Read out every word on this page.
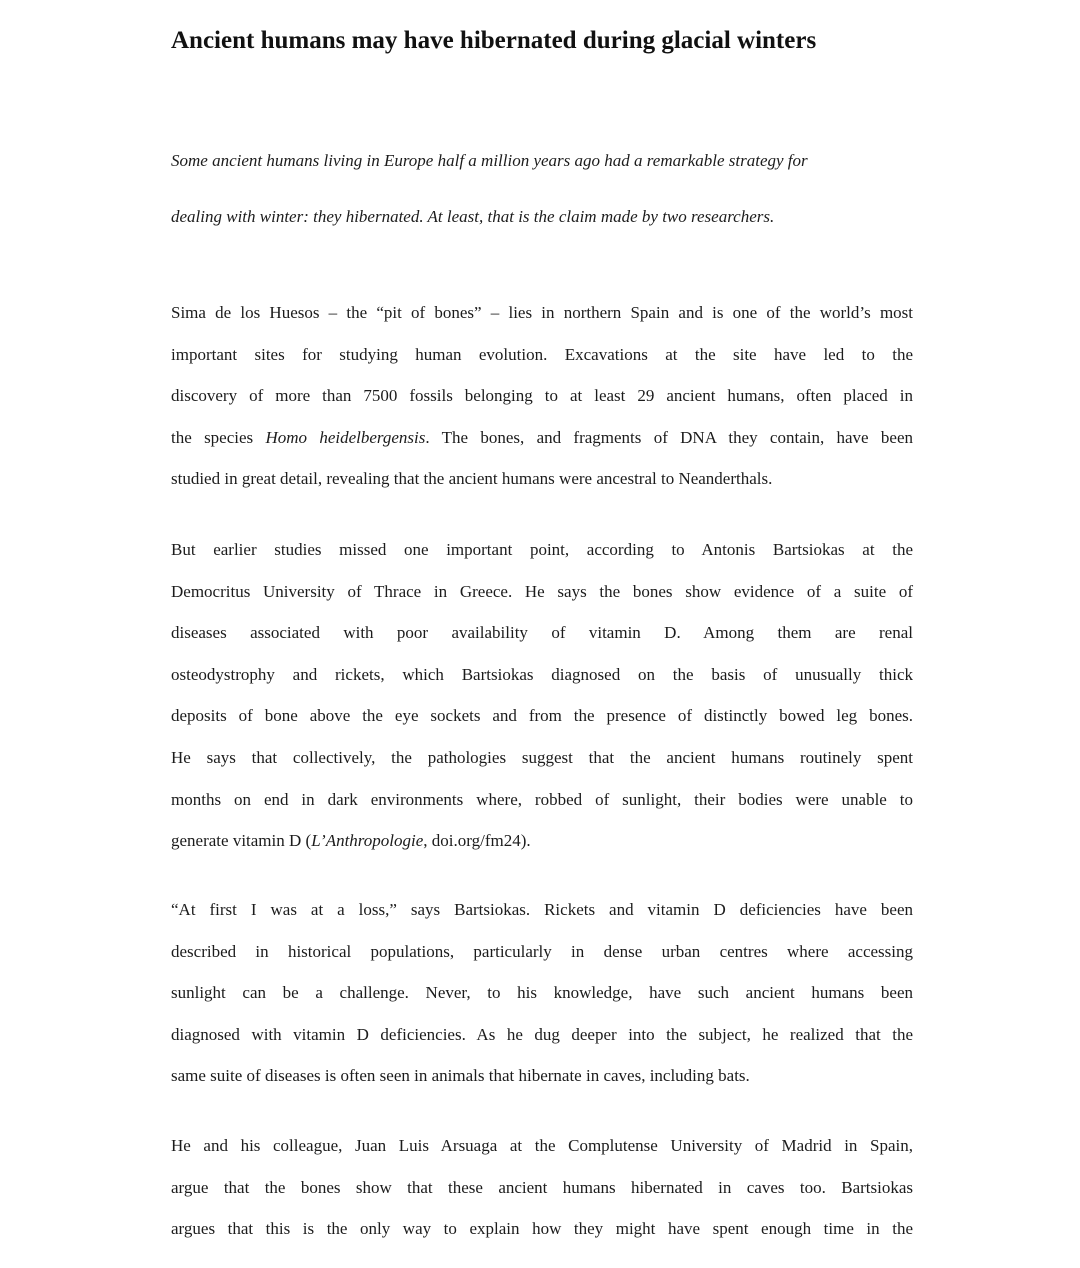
Ancient humans may have hibernated during glacial winters
Some ancient humans living in Europe half a million years ago had a remarkable strategy for
dealing with winter: they hibernated. At least, that is the claim made by two researchers.
Sima de los Huesos – the “pit of bones” – lies in northern Spain and is one of the world’s most
important sites for studying human evolution. Excavations at the site have led to the
discovery of more than 7500 fossils belonging to at least 29 ancient humans, often placed in
the species Homo heidelbergensis. The bones, and fragments of DNA they contain, have been
studied in great detail, revealing that the ancient humans were ancestral to Neanderthals.
But earlier studies missed one important point, according to Antonis Bartsiokas at the
Democritus University of Thrace in Greece. He says the bones show evidence of a suite of
diseases associated with poor availability of vitamin D. Among them are renal
osteodystrophy and rickets, which Bartsiokas diagnosed on the basis of unusually thick
deposits of bone above the eye sockets and from the presence of distinctly bowed leg bones.
He says that collectively, the pathologies suggest that the ancient humans routinely spent
months on end in dark environments where, robbed of sunlight, their bodies were unable to
generate vitamin D (L’Anthropologie, doi.org/fm24).
“At first I was at a loss,” says Bartsiokas. Rickets and vitamin D deficiencies have been
described in historical populations, particularly in dense urban centres where accessing
sunlight can be a challenge. Never, to his knowledge, have such ancient humans been
diagnosed with vitamin D deficiencies. As he dug deeper into the subject, he realized that the
same suite of diseases is often seen in animals that hibernate in caves, including bats.
He and his colleague, Juan Luis Arsuaga at the Complutense University of Madrid in Spain,
argue that the bones show that these ancient humans hibernated in caves too. Bartsiokas
argues that this is the only way to explain how they might have spent enough time in the
